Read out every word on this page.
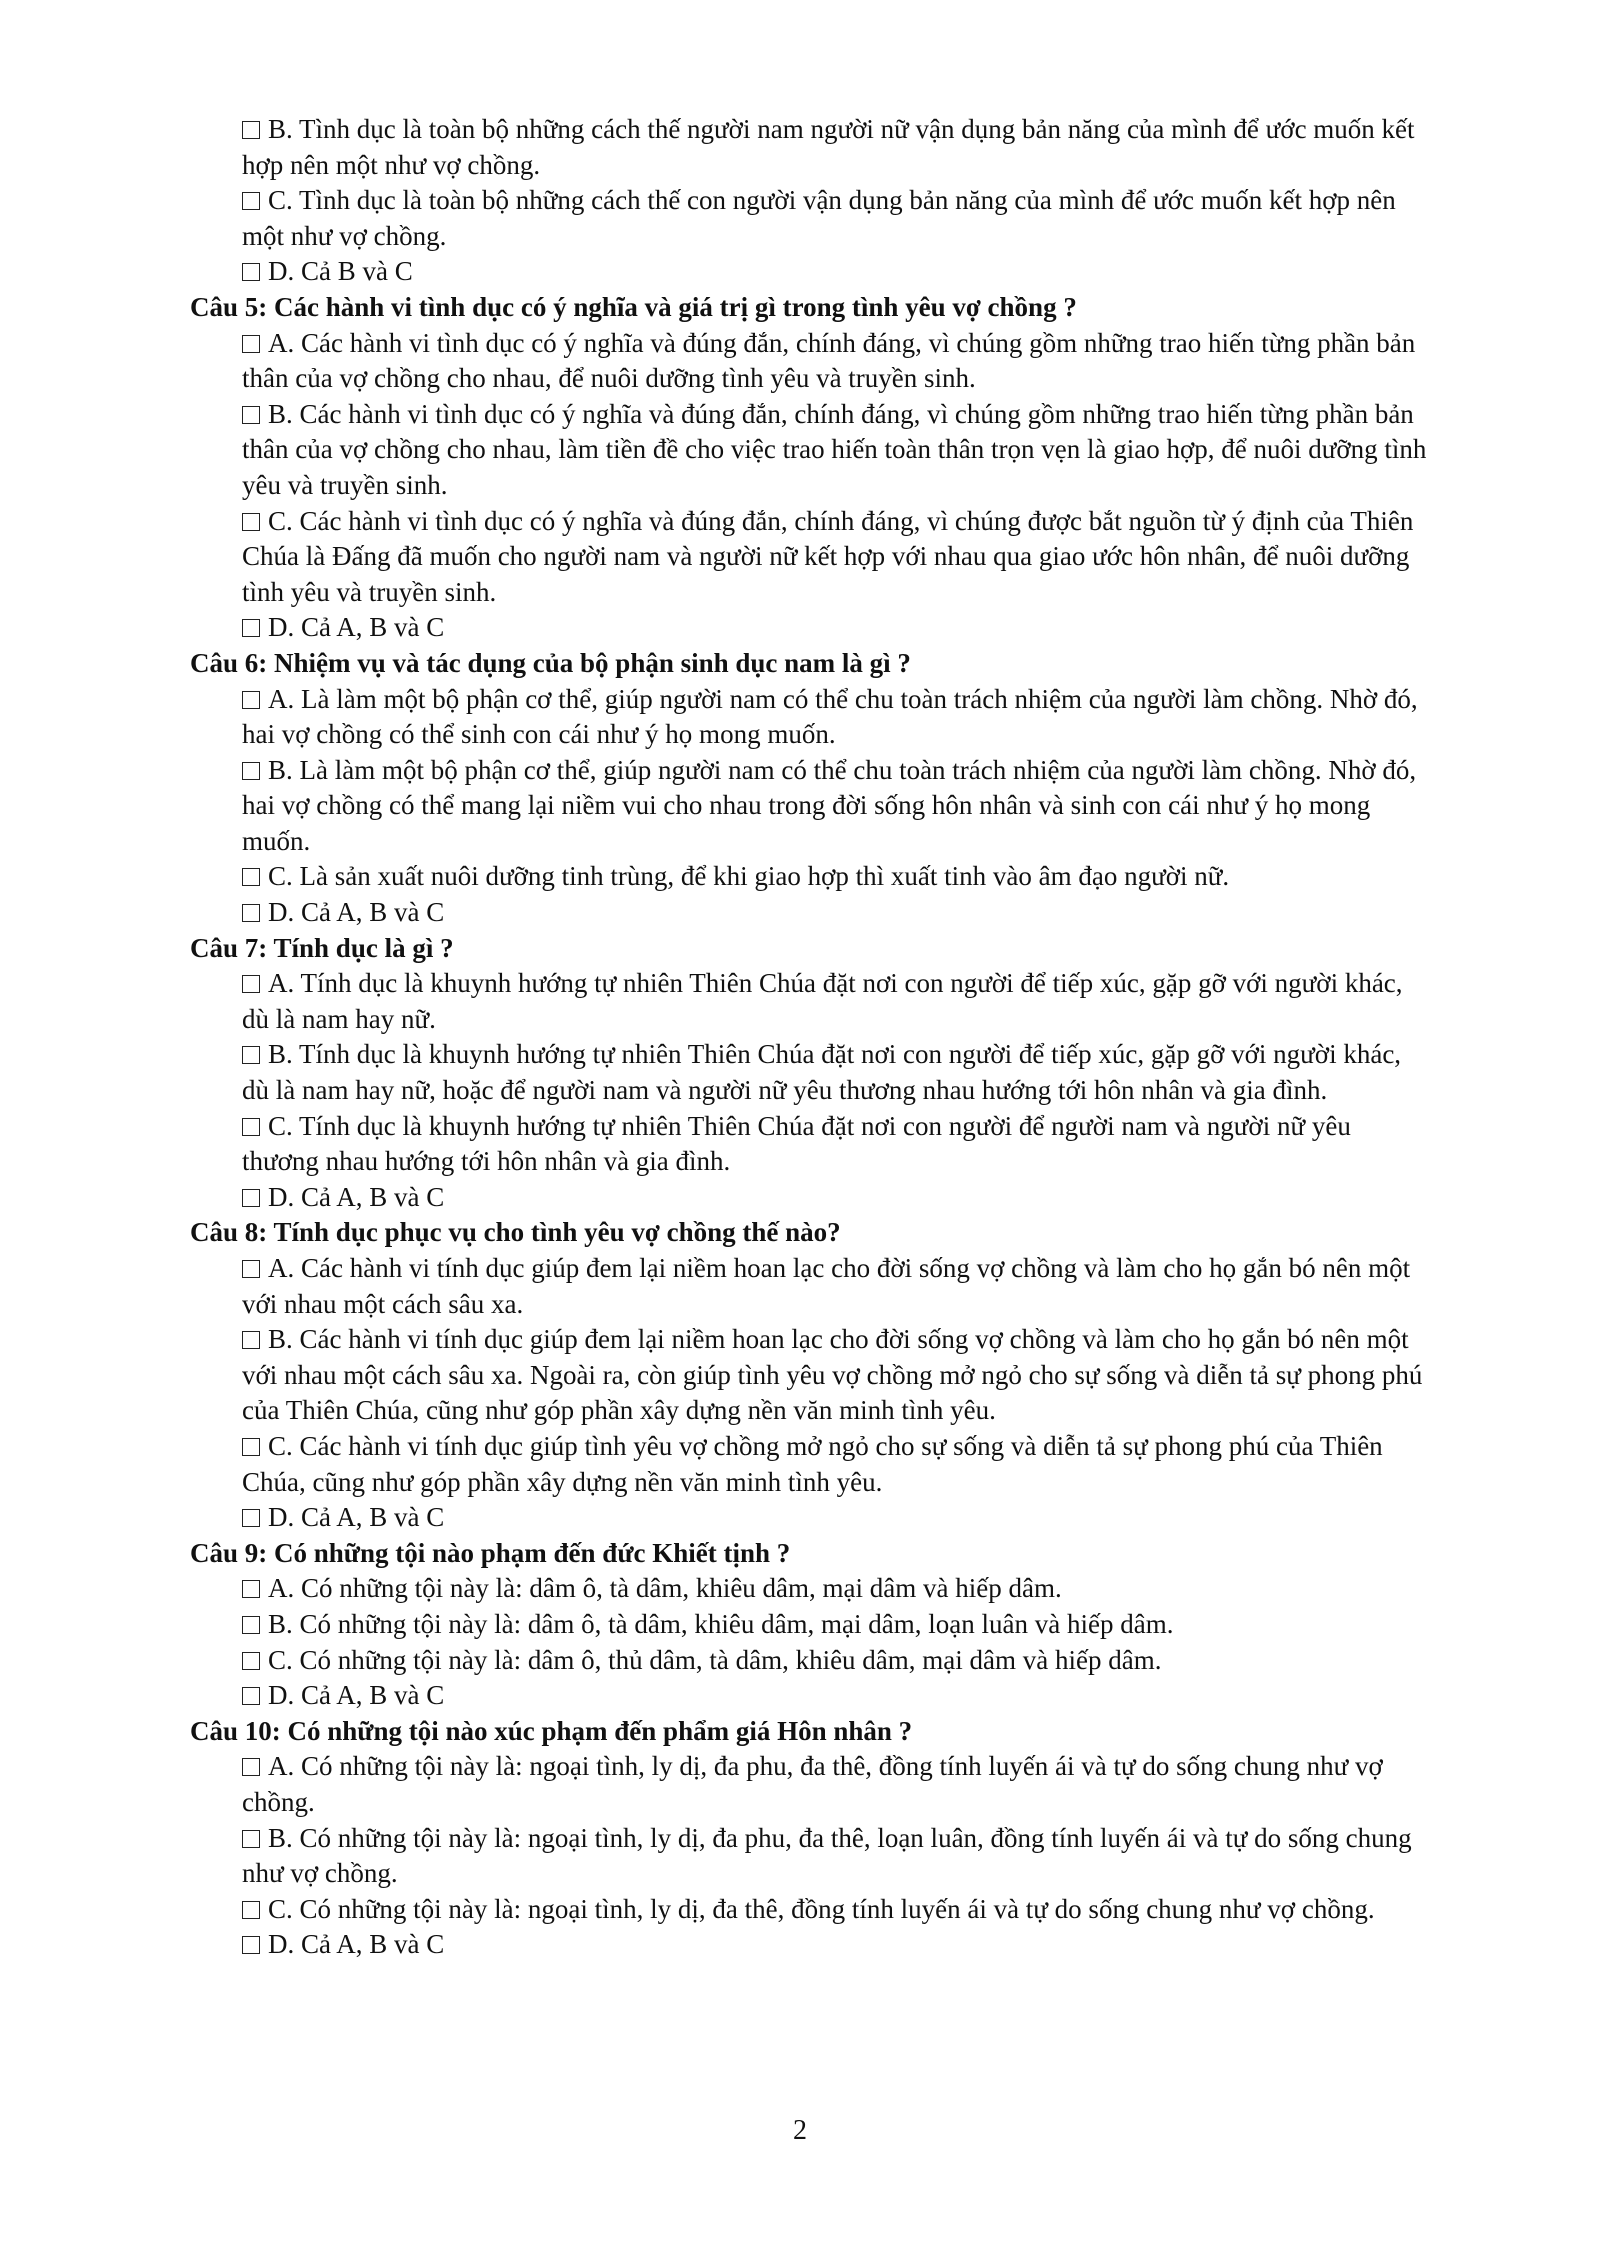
B. Tình dục là toàn bộ những cách thế người nam người nữ vận dụng bản năng của mình để ước muốn kết hợp nên một như vợ chồng.

C. Tình dục là toàn bộ những cách thế con người vận dụng bản năng của mình để ước muốn kết hợp nên một như vợ chồng.

D. Cả B và C

Câu 5: Các hành vi tình dục có ý nghĩa và giá trị gì trong tình yêu vợ chồng ?

A. Các hành vi tình dục có ý nghĩa và đúng đắn, chính đáng, vì chúng gồm những trao hiến từng phần bản thân của vợ chồng cho nhau, để nuôi dưỡng tình yêu và truyền sinh.

B. Các hành vi tình dục có ý nghĩa và đúng đắn, chính đáng, vì chúng gồm những trao hiến từng phần bản thân của vợ chồng cho nhau, làm tiền đề cho việc trao hiến toàn thân trọn vẹn là giao hợp, để nuôi dưỡng tình yêu và truyền sinh.

C. Các hành vi tình dục có ý nghĩa và đúng đắn, chính đáng, vì chúng được bắt nguồn từ ý định của Thiên Chúa là Đấng đã muốn cho người nam và người nữ kết hợp với nhau qua giao ước hôn nhân, để nuôi dưỡng tình yêu và truyền sinh.

D. Cả A, B và C

Câu 6: Nhiệm vụ và tác dụng của bộ phận sinh dục nam là gì ?

A. Là làm một bộ phận cơ thể, giúp người nam có thể chu toàn trách nhiệm của người làm chồng. Nhờ đó, hai vợ chồng có thể sinh con cái như ý họ mong muốn.

B. Là làm một bộ phận cơ thể, giúp người nam có thể chu toàn trách nhiệm của người làm chồng. Nhờ đó, hai vợ chồng có thể mang lại niềm vui cho nhau trong đời sống hôn nhân và sinh con cái như ý họ mong muốn.

C. Là sản xuất nuôi dưỡng tinh trùng, để khi giao hợp thì xuất tinh vào âm đạo người nữ.

D. Cả A, B và C

Câu 7: Tính dục là gì ?

A. Tính dục là khuynh hướng tự nhiên Thiên Chúa đặt nơi con người để tiếp xúc, gặp gỡ với người khác, dù là nam hay nữ.

B. Tính dục là khuynh hướng tự nhiên Thiên Chúa đặt nơi con người để tiếp xúc, gặp gỡ với người khác, dù là nam hay nữ, hoặc để người nam và người nữ yêu thương nhau hướng tới hôn nhân và gia đình.

C. Tính dục là khuynh hướng tự nhiên Thiên Chúa đặt nơi con người để người nam và người nữ yêu thương nhau hướng tới hôn nhân và gia đình.

D. Cả A, B và C

Câu 8: Tính dục phục vụ cho tình yêu vợ chồng thế nào?

A. Các hành vi tính dục giúp đem lại niềm hoan lạc cho đời sống vợ chồng và làm cho họ gắn bó nên một với nhau một cách sâu xa.

B. Các hành vi tính dục giúp đem lại niềm hoan lạc cho đời sống vợ chồng và làm cho họ gắn bó nên một với nhau một cách sâu xa. Ngoài ra, còn giúp tình yêu vợ chồng mở ngỏ cho sự sống và diễn tả sự phong phú của Thiên Chúa, cũng như góp phần xây dựng nền văn minh tình yêu.

C. Các hành vi tính dục giúp tình yêu vợ chồng mở ngỏ cho sự sống và diễn tả sự phong phú của Thiên Chúa, cũng như góp phần xây dựng nền văn minh tình yêu.

D. Cả A, B và C

Câu 9: Có những tội nào phạm đến đức Khiết tịnh ?

A. Có những tội này là: dâm ô, tà dâm, khiêu dâm, mại dâm và hiếp dâm.

B. Có những tội này là: dâm ô, tà dâm, khiêu dâm, mại dâm, loạn luân và hiếp dâm.

C. Có những tội này là: dâm ô, thủ dâm, tà dâm, khiêu dâm, mại dâm và hiếp dâm.

D. Cả A, B và C

Câu 10: Có những tội nào xúc phạm đến phẩm giá Hôn nhân ?

A. Có những tội này là: ngoại tình, ly dị, đa phu, đa thê, đồng tính luyến ái và tự do sống chung như vợ chồng.

B. Có những tội này là: ngoại tình, ly dị, đa phu, đa thê, loạn luân, đồng tính luyến ái và tự do sống chung như vợ chồng.

C. Có những tội này là: ngoại tình, ly dị, đa thê, đồng tính luyến ái và tự do sống chung như vợ chồng.

D. Cả A, B và C

2
